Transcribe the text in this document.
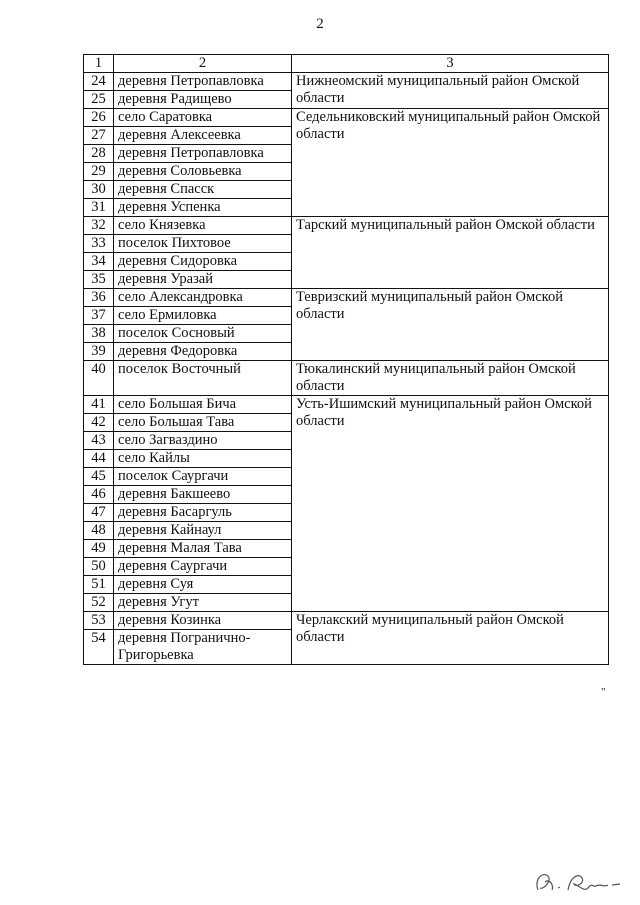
2
1	2	3
24	деревня Петропавловка	Нижнеомский муниципальный район Омской области
25	деревня Радищево	
26	село Саратовка	Седельниковский муниципальный район Омской области
27	деревня Алексеевка	
28	деревня Петропавловка	
29	деревня Соловьевка	
30	деревня Спасск	
31	деревня Успенка	
32	село Князевка	Тарский муниципальный район Омской области
33	поселок Пихтовое	
34	деревня Сидоровка	
35	деревня Уразай	
36	село Александровка	Тевризский муниципальный район Омской области
37	село Ермиловка	
38	поселок Сосновый	
39	деревня Федоровка	
40	поселок Восточный	Тюкалинский муниципальный район Омской области
41	село Большая Бича	Усть-Ишимский муниципальный район Омской области
42	село Большая Тава	
43	село Загваздино	
44	село Кайлы	
45	поселок Саургачи	
46	деревня Бакшеево	
47	деревня Басаргуль	
48	деревня Кайнаул	
49	деревня Малая Тава	
50	деревня Саургачи	
51	деревня Суя	
52	деревня Угут	
53	деревня Козинка	Черлакский муниципальный район Омской области
54	деревня Погранично-Григорьевка	
"
